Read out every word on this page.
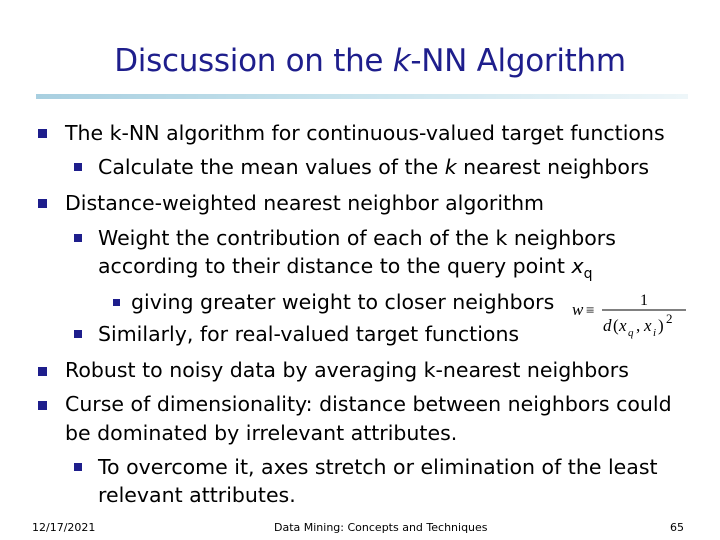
Discussion on the k-NN Algorithm
The k-NN algorithm for continuous-valued target functions
Calculate the mean values of the k nearest neighbors
Distance-weighted nearest neighbor algorithm
Weight the contribution of each of the k neighbors
according to their distance to the query point $x_q$
giving greater weight to closer neighbors
Similarly, for real-valued target functions
Robust to noisy data by averaging k-nearest neighbors
Curse of dimensionality: distance between neighbors could
be dominated by irrelevant attributes.
To overcome it, axes stretch or elimination of the least
relevant attributes.
w ≡
1
d ( x q , x i ) 2
12/17/2021	Data Mining: Concepts and Techniques	65
